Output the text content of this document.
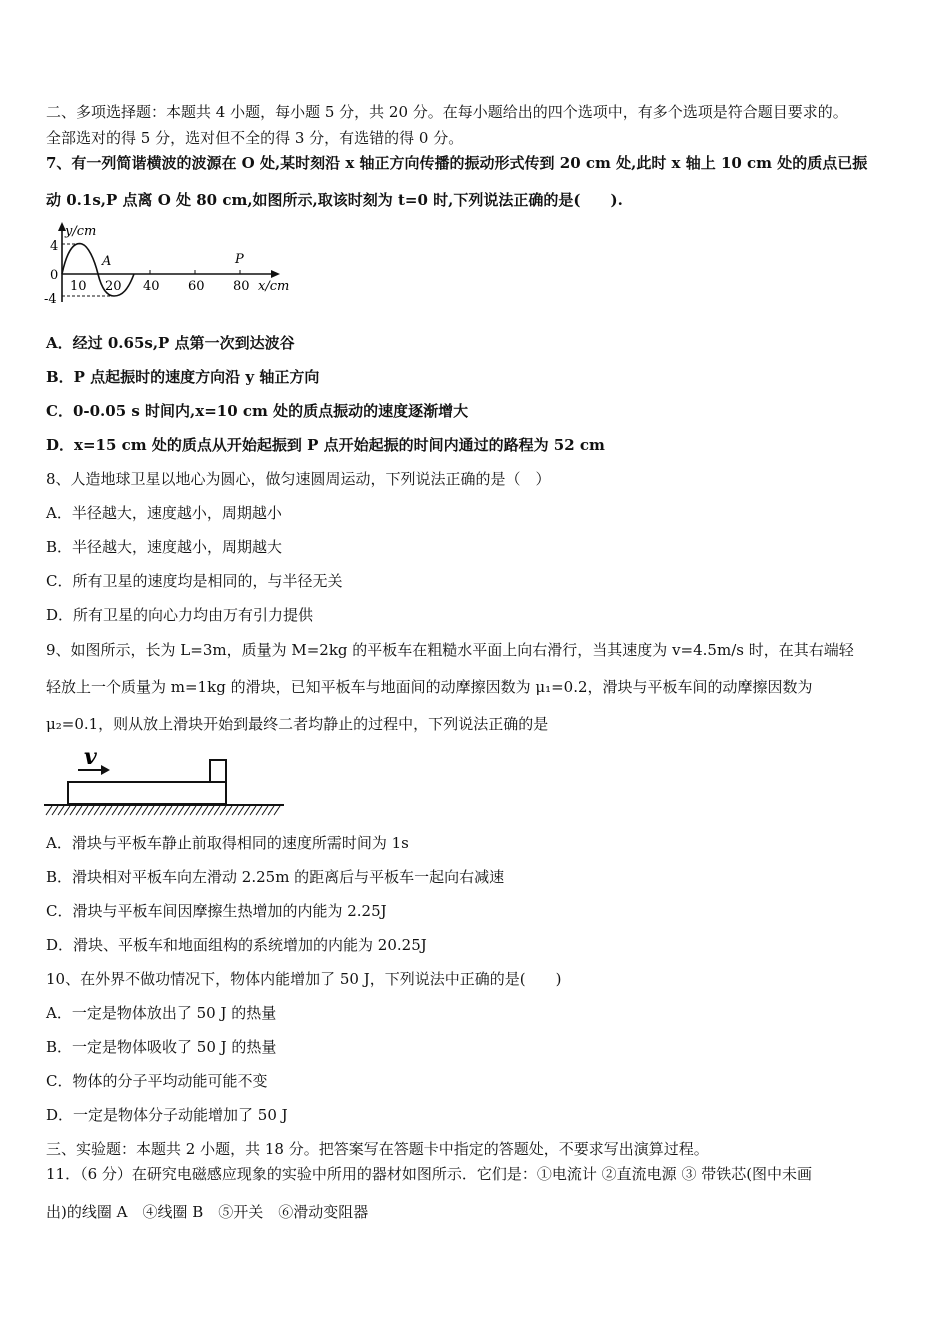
二、多项选择题：本题共 4 小题，每小题 5 分，共 20 分。在每小题给出的四个选项中，有多个选项是符合题目要求的。
全部选对的得 5 分，选对但不全的得 3 分，有选错的得 0 分。
7、有一列简谐横波的波源在 O 处,某时刻沿 x 轴正方向传播的振动形式传到 20 cm 处,此时 x 轴上 10 cm 处的质点已振
动 0.1s,P 点离 O 处 80 cm,如图所示,取该时刻为 t=0 时,下列说法正确的是(　　).
y/cm
4
0
-4
10 20 40 60 80 x/cm
A	P
A．经过 0.65s,P 点第一次到达波谷
B．P 点起振时的速度方向沿 y 轴正方向
C．0-0.05 s 时间内,x=10 cm 处的质点振动的速度逐渐增大
D．x=15 cm 处的质点从开始起振到 P 点开始起振的时间内通过的路程为 52 cm
8、人造地球卫星以地心为圆心，做匀速圆周运动，下列说法正确的是（　）
A．半径越大，速度越小，周期越小
B．半径越大，速度越小，周期越大
C．所有卫星的速度均是相同的，与半径无关
D．所有卫星的向心力均由万有引力提供
9、如图所示，长为 L=3m，质量为 M=2kg 的平板车在粗糙水平面上向右滑行，当其速度为 v=4.5m/s 时，在其右端轻
轻放上一个质量为 m=1kg 的滑块，已知平板车与地面间的动摩擦因数为 μ₁=0.2，滑块与平板车间的动摩擦因数为
μ₂=0.1，则从放上滑块开始到最终二者均静止的过程中，下列说法正确的是
v
A．滑块与平板车静止前取得相同的速度所需时间为 1s
B．滑块相对平板车向左滑动 2.25m 的距离后与平板车一起向右减速
C．滑块与平板车间因摩擦生热增加的内能为 2.25J
D．滑块、平板车和地面组构的系统增加的内能为 20.25J
10、在外界不做功情况下，物体内能增加了 50 J，下列说法中正确的是(　　)
A．一定是物体放出了 50 J 的热量
B．一定是物体吸收了 50 J 的热量
C．物体的分子平均动能可能不变
D．一定是物体分子动能增加了 50 J
三、实验题：本题共 2 小题，共 18 分。把答案写在答题卡中指定的答题处，不要求写出演算过程。
11．（6 分）在研究电磁感应现象的实验中所用的器材如图所示．它们是：①电流计 ②直流电源 ③ 带铁芯(图中未画
出)的线圈 A　④线圈 B　⑤开关　⑥滑动变阻器
